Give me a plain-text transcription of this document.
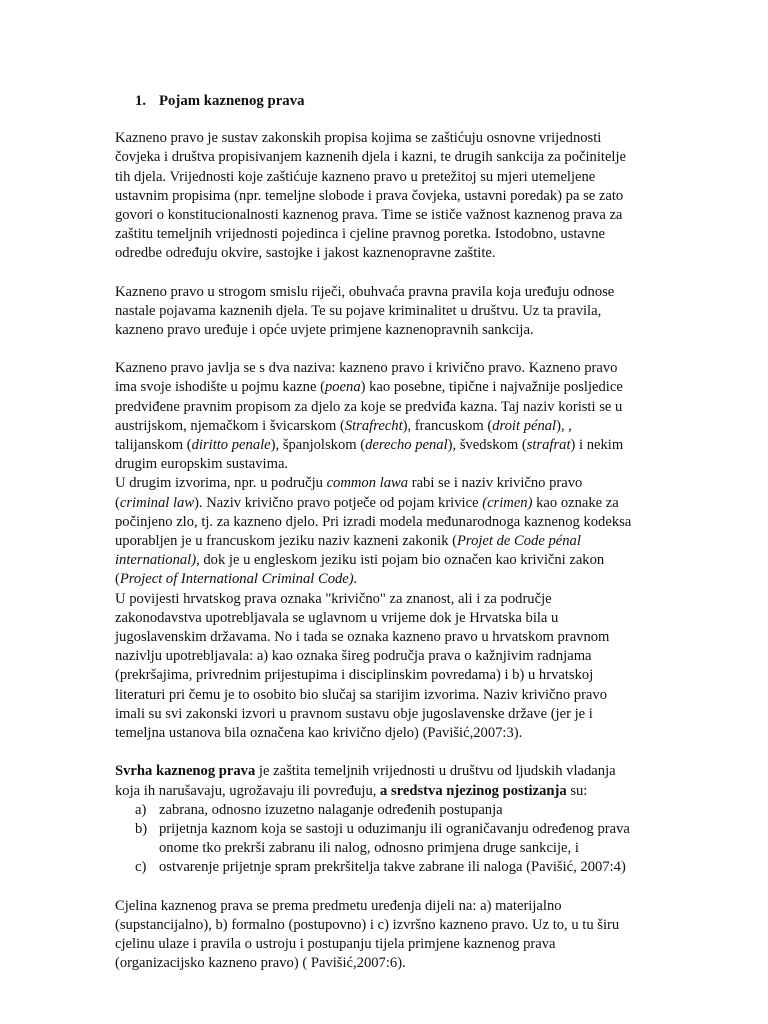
1. Pojam kaznenog prava

Kazneno pravo je sustav zakonskih propisa kojima se zaštićuju osnovne vrijednosti
čovjeka i društva propisivanjem kaznenih djela i kazni, te drugih sankcija za počinitelje
tih djela. Vrijednosti koje zaštićuje kazneno pravo u pretežitoj su mjeri utemeljene
ustavnim propisima (npr. temeljne slobode i prava čovjeka, ustavni poredak) pa se zato
govori o konstitucionalnosti kaznenog prava. Time se ističe važnost kaznenog prava za
zaštitu temeljnih vrijednosti pojedinca i cjeline pravnog poretka. Istodobno, ustavne
odredbe određuju okvire, sastojke i jakost kaznenopravne zaštite.

Kazneno pravo u strogom smislu riječi, obuhvaća pravna pravila koja uređuju odnose
nastale pojavama kaznenih djela. Te su pojave kriminalitet u društvu. Uz ta pravila,
kazneno pravo uređuje i opće uvjete primjene kaznenopravnih sankcija.

Kazneno pravo javlja se s dva naziva: kazneno pravo i krivično pravo. Kazneno pravo
ima svoje ishodište u pojmu kazne (poena) kao posebne, tipične i najvažnije posljedice
predviđene pravnim propisom za djelo za koje se predviđa kazna. Taj naziv koristi se u
austrijskom, njemačkom i švicarskom (Strafrecht), francuskom (droit pénal), ,
talijanskom (diritto penale), španjolskom (derecho penal), švedskom (strafrat) i nekim
drugim europskim sustavima.

U drugim izvorima, npr. u području common lawa rabi se i naziv krivično pravo
(criminal law). Naziv krivično pravo potječe od pojam krivice (crimen) kao oznake za
počinjeno zlo, tj. za kazneno djelo. Pri izradi modela međunarodnoga kaznenog kodeksa
uporabljen je u francuskom jeziku naziv kazneni zakonik (Projet de Code pénal
international), dok je u engleskom jeziku isti pojam bio označen kao krivični zakon
(Project of International Criminal Code).

U povijesti hrvatskog prava oznaka "krivično" za znanost, ali i za područje
zakonodavstva upotrebljavala se uglavnom u vrijeme dok je Hrvatska bila u
jugoslavenskim državama. No i tada se oznaka kazneno pravo u hrvatskom pravnom
nazivlju upotrebljavala: a) kao oznaka šireg područja prava o kažnjivim radnjama
(prekršajima, privrednim prijestupima i disciplinskim povredama) i b) u hrvatskoj
literaturi pri čemu je to osobito bio slučaj sa starijim izvorima. Naziv krivično pravo
imali su svi zakonski izvori u pravnom sustavu obje jugoslavenske države (jer je i
temeljna ustanova bila označena kao krivično djelo) (Pavišić,2007:3).

Svrha kaznenog prava je zaštita temeljnih vrijednosti u društvu od ljudskih vladanja
koja ih narušavaju, ugrožavaju ili povređuju, a sredstva njezinog postizanja su:

a) zabrana, odnosno izuzetno nalaganje određenih postupanja
b) prijetnja kaznom koja se sastoji u oduzimanju ili ograničavanju određenog prava
onome tko prekrši zabranu ili nalog, odnosno primjena druge sankcije, i
c) ostvarenje prijetnje spram prekršitelja takve zabrane ili naloga (Pavišić, 2007:4)

Cjelina kaznenog prava se prema predmetu uređenja dijeli na: a) materijalno
(supstancijalno), b) formalno (postupovno) i c) izvršno kazneno pravo. Uz to, u tu širu
cjelinu ulaze i pravila o ustroju i postupanju tijela primjene kaznenog prava
(organizacijsko kazneno pravo) ( Pavišić,2007:6).
